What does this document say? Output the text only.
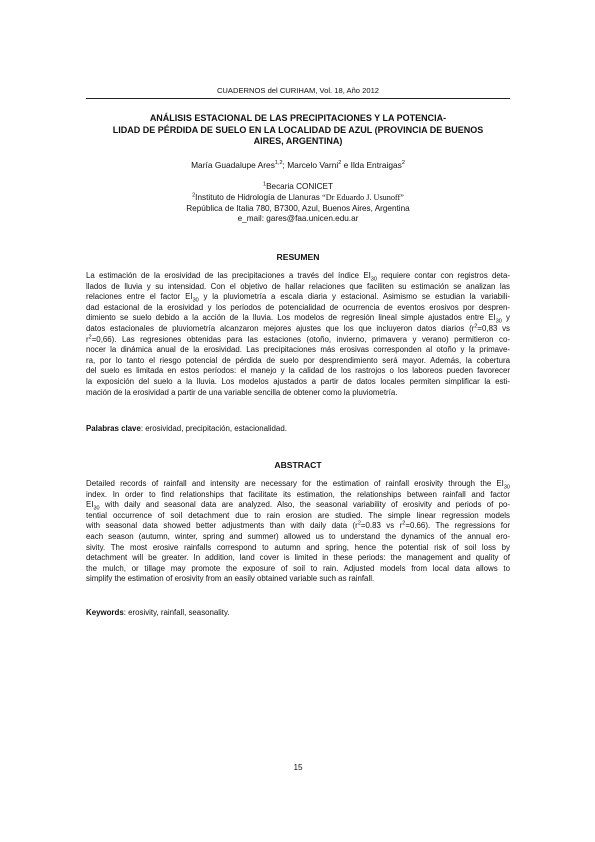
CUADERNOS del CURIHAM, Vol. 18, Año 2012
ANÁLISIS ESTACIONAL DE LAS PRECIPITACIONES Y LA POTENCIA-
LIDAD DE PÉRDIDA DE SUELO EN LA LOCALIDAD DE AZUL (PROVINCIA DE BUENOS
AIRES, ARGENTINA)
María Guadalupe Ares$^{1,2}$; Marcelo Varni$^2$ e Ilda Entraigas$^2$
$^1$Becaria CONICET
$^2$Instituto de Hidrología de Llanuras “Dr Eduardo J. Usunoff”
República de Italia 780, B7300, Azul, Buenos Aires, Argentina
e_mail: gares@faa.unicen.edu.ar
RESUMEN
La estimación de la erosividad de las precipitaciones a través del índice $EI_{30}$ requiere contar con registros deta-
llados de lluvia y su intensidad. Con el objetivo de hallar relaciones que faciliten su estimación se analizan las
relaciones entre el factor $EI_{30}$ y la pluviometría a escala diaria y estacional. Asimismo se estudian la variabili-
dad estacional de la erosividad y los períodos de potencialidad de ocurrencia de eventos erosivos por despren-
dimiento se suelo debido a la acción de la lluvia. Los modelos de regresión lineal simple ajustados entre $EI_{30}$ y
datos estacionales de pluviometría alcanzaron mejores ajustes que los que incluyeron datos diarios ($r^2=0,83$ vs
$r^2=0,66$). Las regresiones obtenidas para las estaciones (otoño, invierno, primavera y verano) permitieron co-
nocer la dinámica anual de la erosividad. Las precipitaciones más erosivas corresponden al otoño y la primave-
ra, por lo tanto el riesgo potencial de pérdida de suelo por desprendimiento será mayor. Además, la cobertura
del suelo es limitada en estos períodos: el manejo y la calidad de los rastrojos o los laboreos pueden favorecer
la exposición del suelo a la lluvia. Los modelos ajustados a partir de datos locales permiten simplificar la esti-
mación de la erosividad a partir de una variable sencilla de obtener como la pluviometría.
Palabras clave: erosividad, precipitación, estacionalidad.
ABSTRACT
Detailed records of rainfall and intensity are necessary for the estimation of rainfall erosivity through the $EI_{30}$
index. In order to find relationships that facilitate its estimation, the relationships between rainfall and factor
$EI_{30}$ with daily and seasonal data are analyzed. Also, the seasonal variability of erosivity and periods of po-
tential occurrence of soil detachment due to rain erosion are studied. The simple linear regression models
with seasonal data showed better adjustments than with daily data ($r^2=0.83$ vs $r^2=0.66$). The regressions for
each season (autumn, winter, spring and summer) allowed us to understand the dynamics of the annual ero-
sivity. The most erosive rainfalls correspond to autumn and spring, hence the potential risk of soil loss by
detachment will be greater. In addition, land cover is limited in these periods: the management and quality of
the mulch, or tillage may promote the exposure of soil to rain. Adjusted models from local data allows to
simplify the estimation of erosivity from an easily obtained variable such as rainfall.
Keywords: erosivity, rainfall, seasonality.
15
